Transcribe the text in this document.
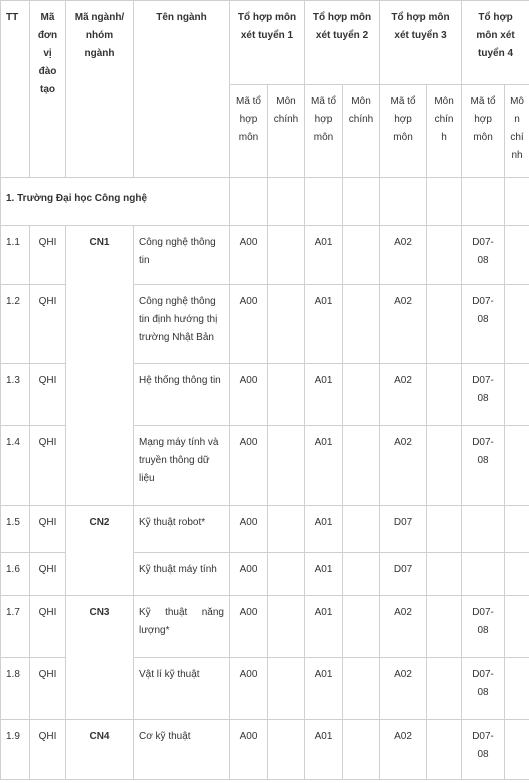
TT	Mã đơn vị đào tạo	Mã ngành/ nhóm ngành	Tên ngành	Tổ hợp môn xét tuyển 1		Tổ hợp môn xét tuyển 2		Tổ hợp môn xét tuyển 3		Tổ hợp môn xét tuyển 4	
				Mã tổ hợp môn	Môn chính	Mã tổ hợp môn	Môn chính	Mã tổ hợp môn	Môn chính	Mã tổ hợp môn	Môn chính
1. Trường Đại học Công nghệ											
1.1	QHI	CN1	Công nghệ thông tin	A00		A01		A02		D07-08	
1.2	QHI		Công nghệ thông tin định hướng thị trường Nhật Bản	A00		A01		A02		D07-08	
1.3	QHI		Hệ thống thông tin	A00		A01		A02		D07-08	
1.4	QHI		Mạng máy tính và truyền thông dữ liệu	A00		A01		A02		D07-08	
1.5	QHI	CN2	Kỹ thuật robot*	A00		A01		D07			
1.6	QHI		Kỹ thuật máy tính	A00		A01		D07			
1.7	QHI	CN3	Kỹ thuật năng lượng*	A00		A01		A02		D07-08	
1.8	QHI		Vật lí kỹ thuật	A00		A01		A02		D07-08	
1.9	QHI	CN4	Cơ kỹ thuật	A00		A01		A02		D07-08	
